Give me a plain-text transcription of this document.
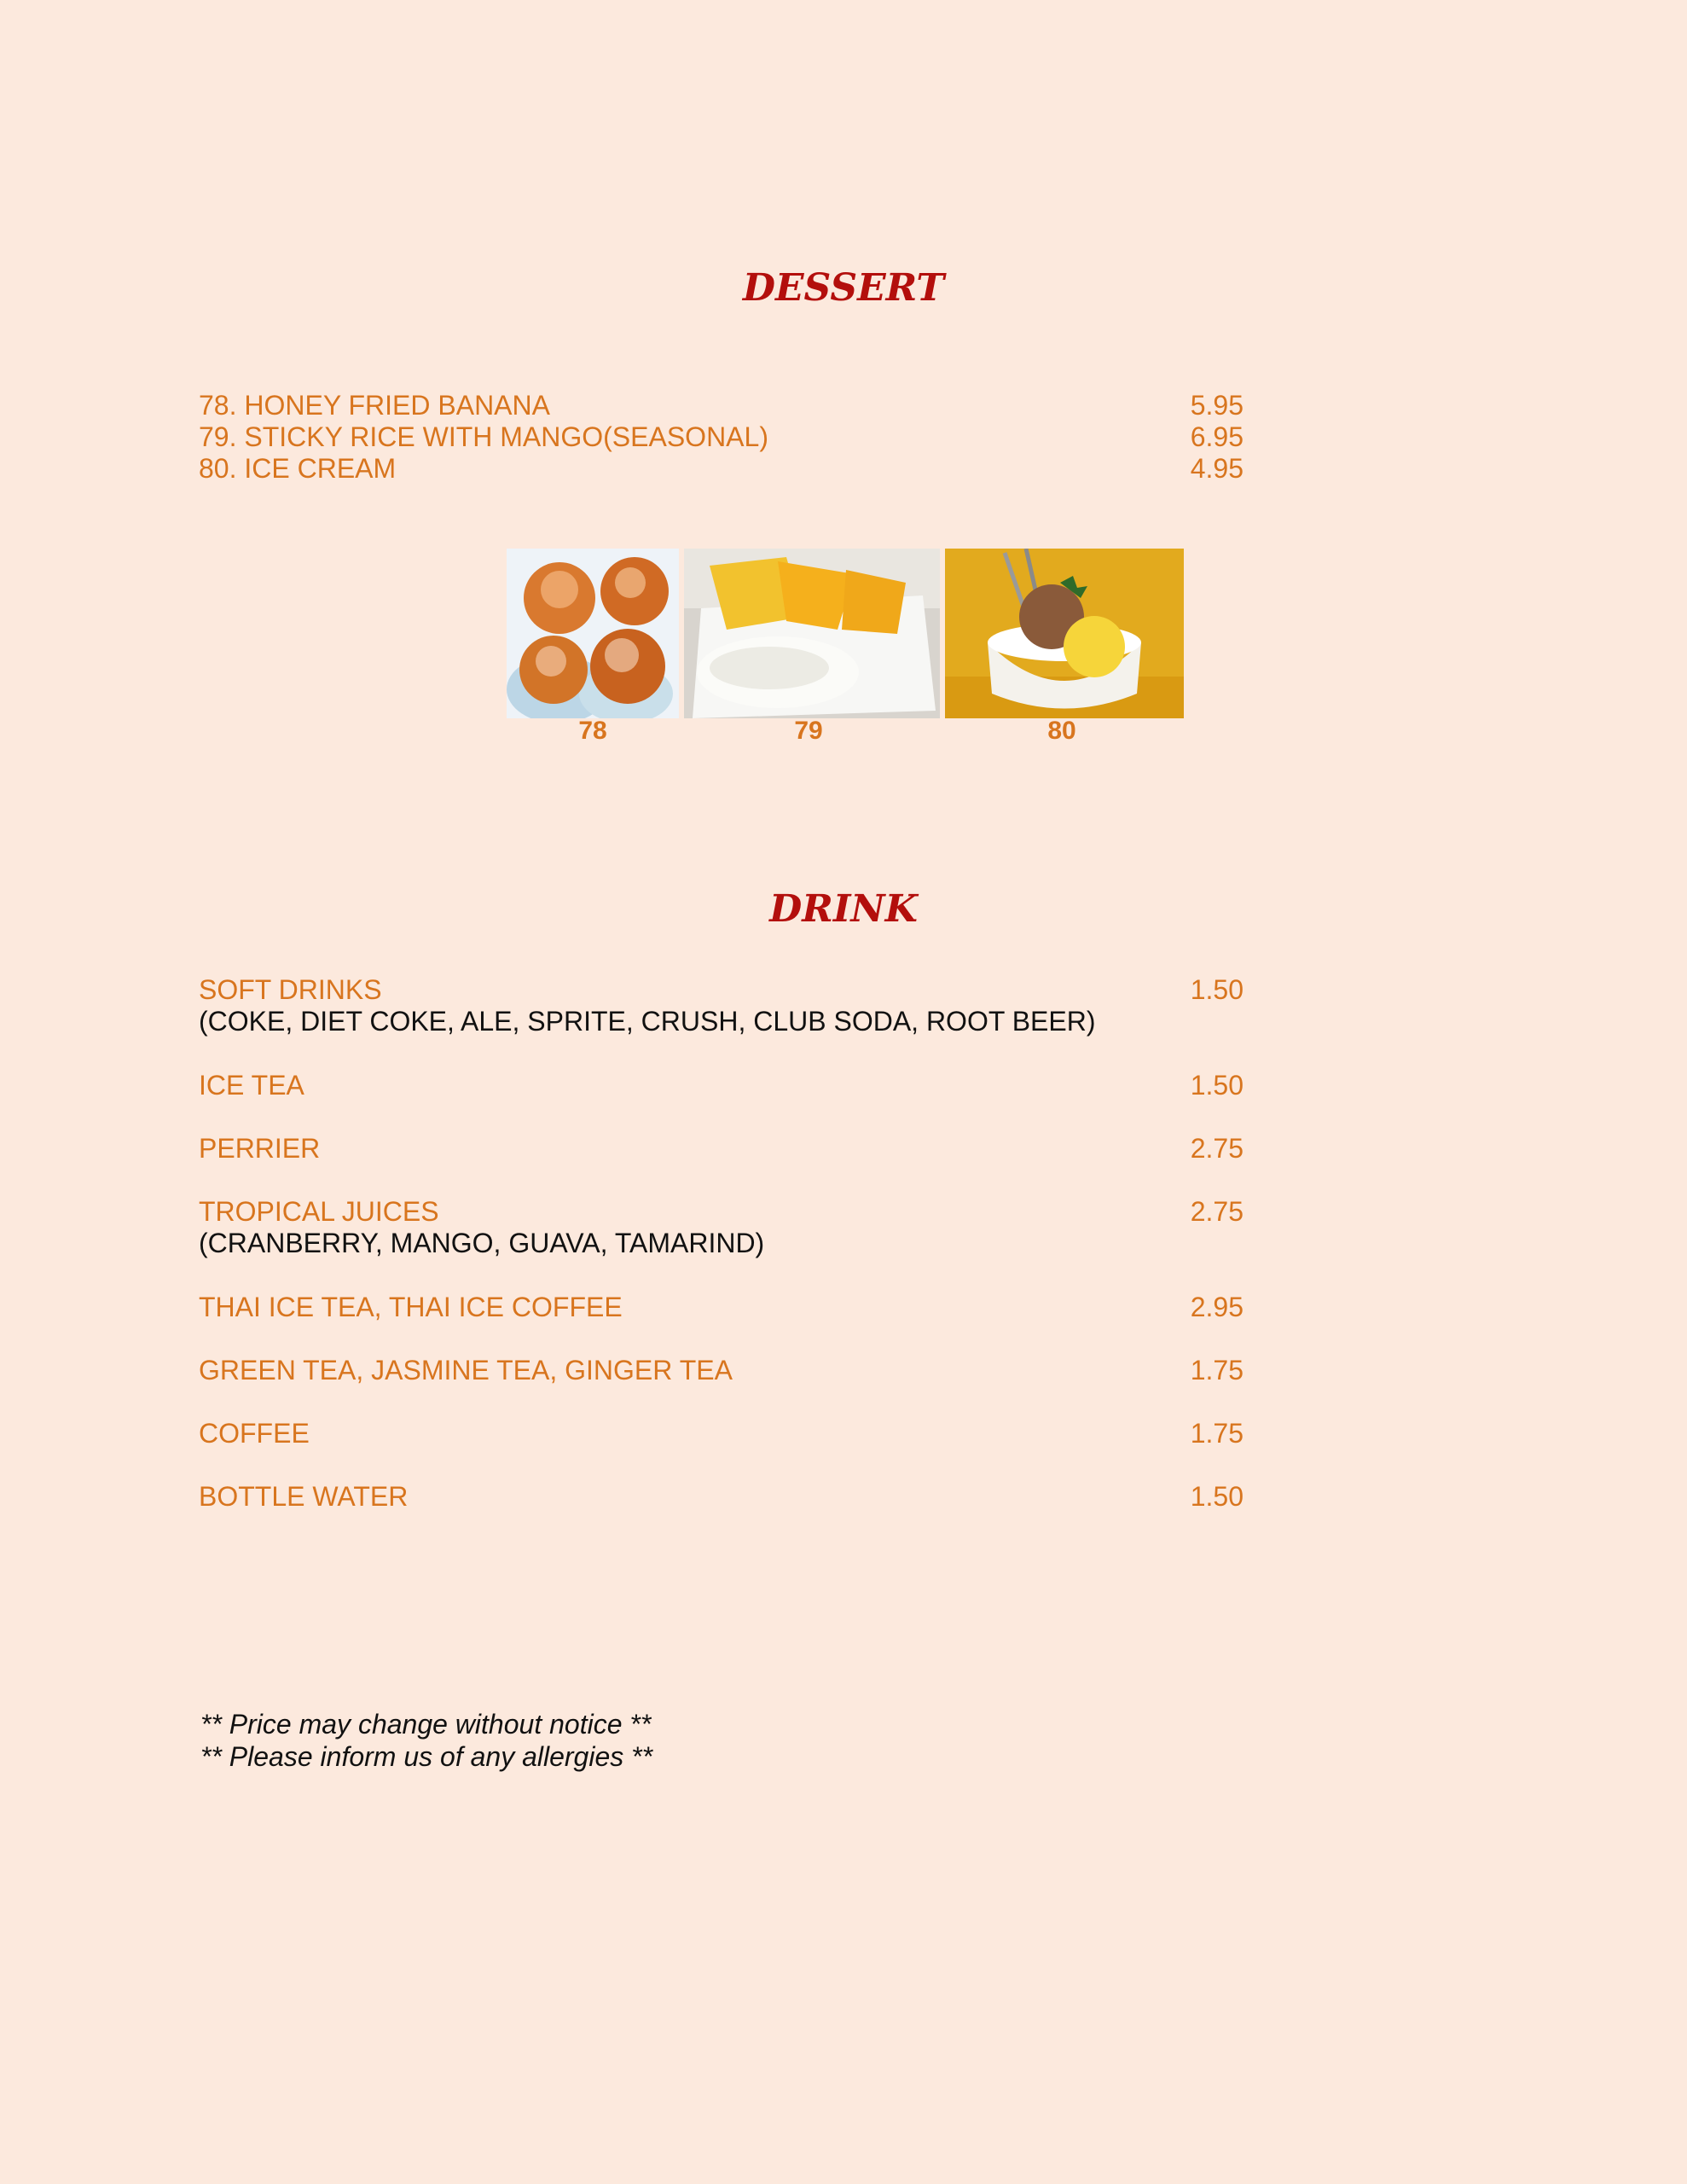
DESSERT
78. HONEY FRIED BANANA	5.95
79. STICKY RICE WITH MANGO(SEASONAL)	6.95
80. ICE CREAM	4.95
78	79	80
DRINK
SOFT DRINKS	1.50
(COKE, DIET COKE, ALE, SPRITE, CRUSH, CLUB SODA, ROOT BEER)
ICE TEA	1.50
PERRIER	2.75
TROPICAL JUICES	2.75
(CRANBERRY, MANGO, GUAVA, TAMARIND)
THAI ICE TEA, THAI ICE COFFEE	2.95
GREEN TEA, JASMINE TEA, GINGER TEA	1.75
COFFEE	1.75
BOTTLE WATER	1.50
** Price may change without notice **
** Please inform us of any allergies **
